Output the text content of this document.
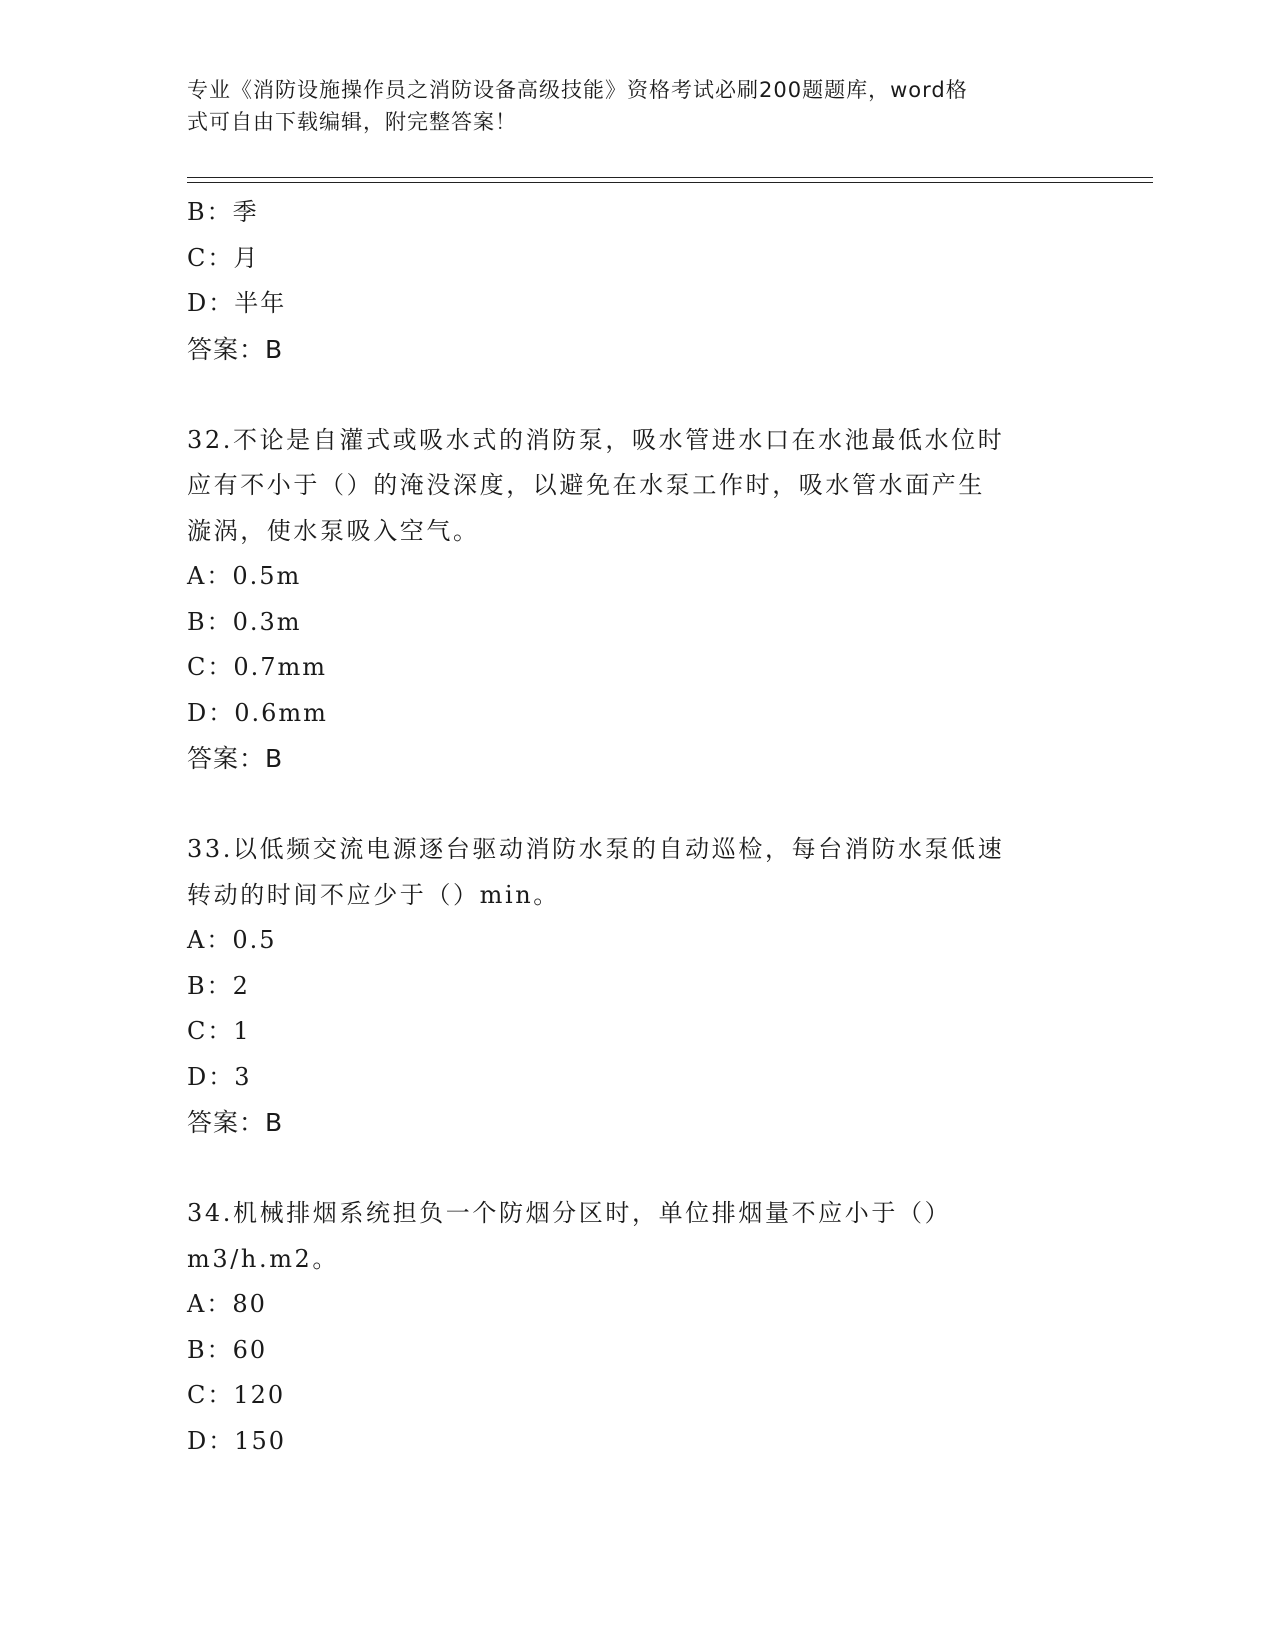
专业《消防设施操作员之消防设备高级技能》资格考试必刷200题题库，word格
式可自由下载编辑，附完整答案！
B：季
C：月
D：半年
答案：B
32.不论是自灌式或吸水式的消防泵，吸水管进水口在水池最低水位时
应有不小于（）的淹没深度，以避免在水泵工作时，吸水管水面产生
漩涡，使水泵吸入空气。
A：0.5m
B：0.3m
C：0.7mm
D：0.6mm
答案：B
33.以低频交流电源逐台驱动消防水泵的自动巡检，每台消防水泵低速
转动的时间不应少于（）min。
A：0.5
B：2
C：1
D：3
答案：B
34.机械排烟系统担负一个防烟分区时，单位排烟量不应小于（）
m3/h.m2。
A：80
B：60
C：120
D：150
